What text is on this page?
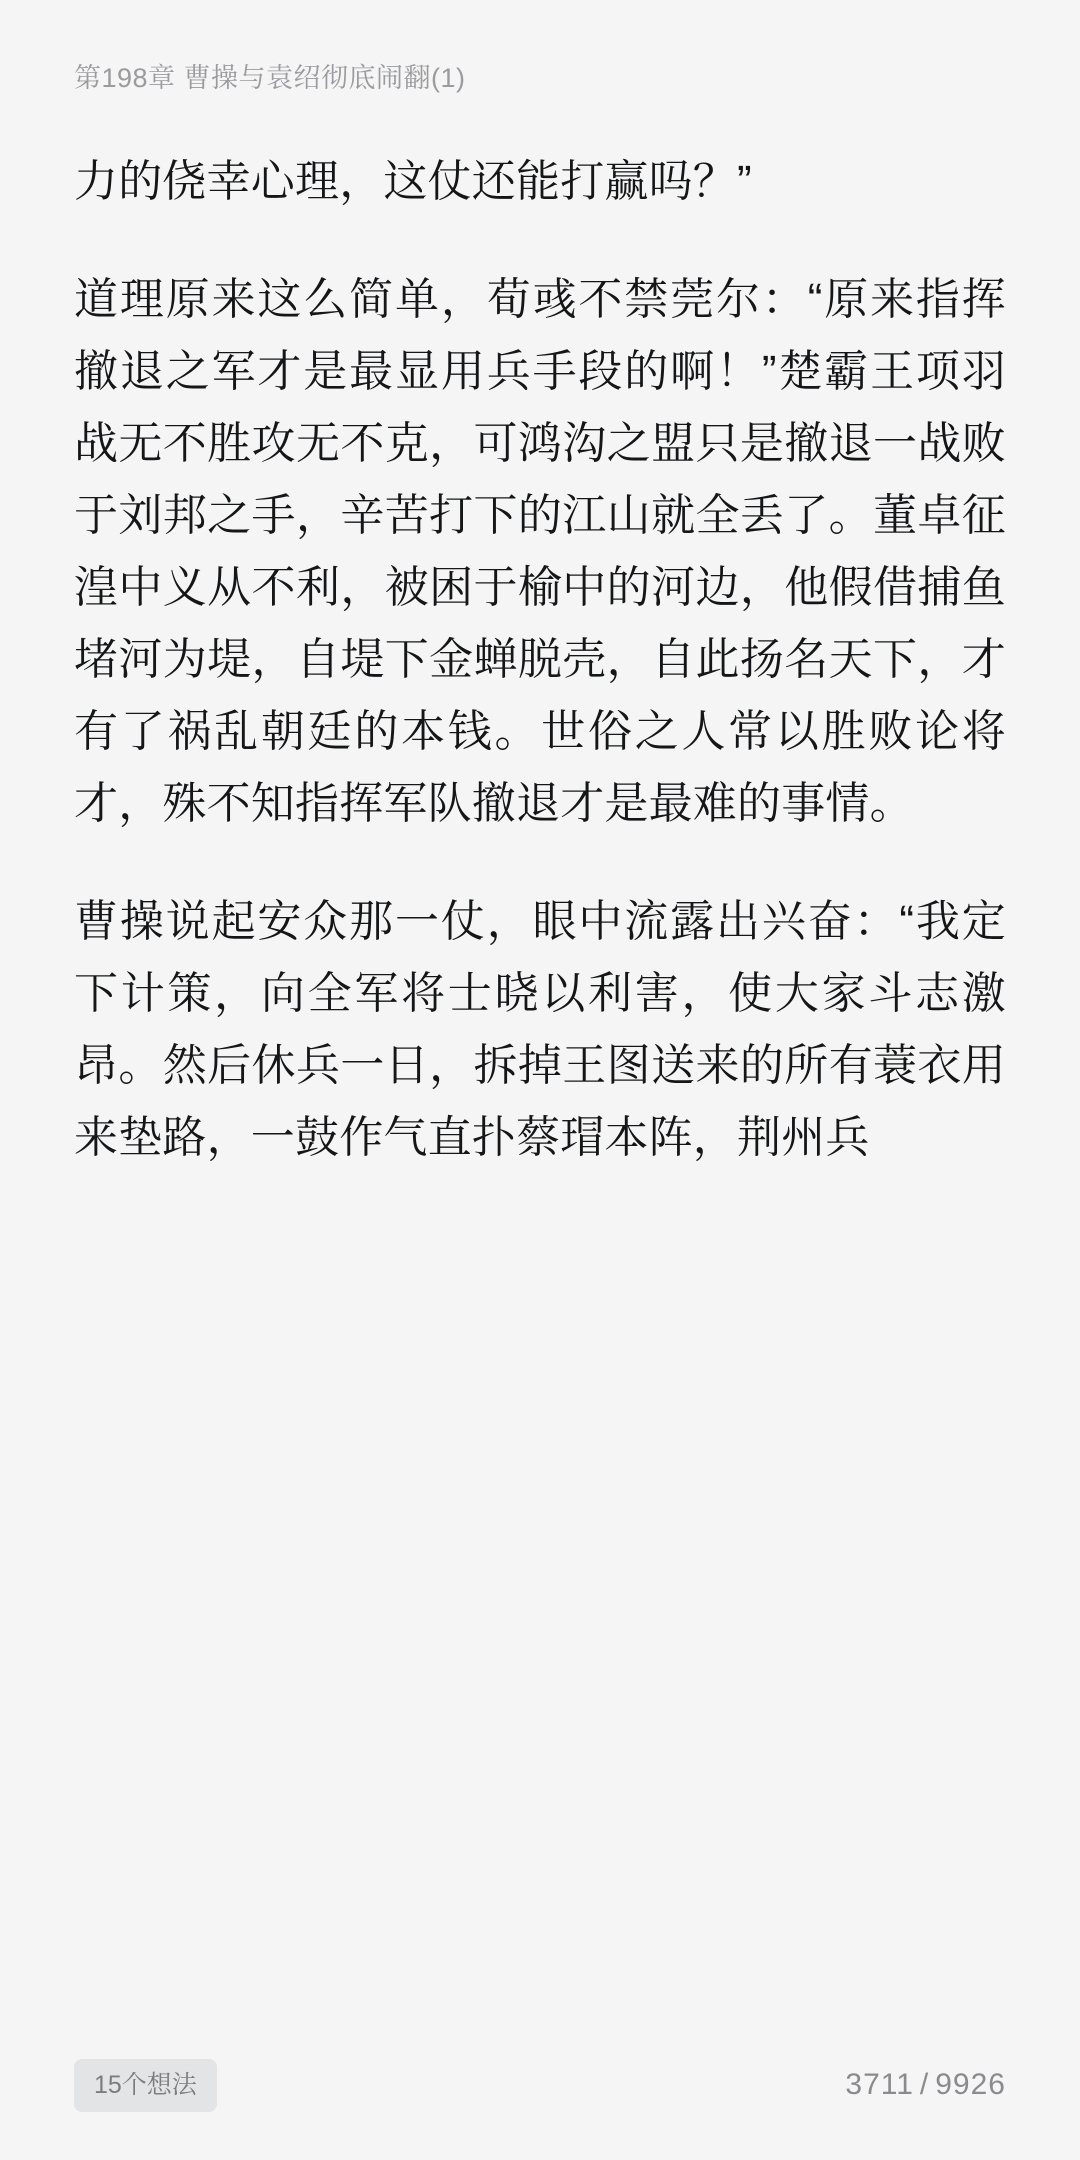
第198章 曹操与袁绍彻底闹翻(1)

力的侥幸心理，这仗还能打赢吗？”

道理原来这么简单，荀彧不禁莞尔：“原来指挥撤退之军才是最显用兵手段的啊！”楚霸王项羽战无不胜攻无不克，可鸿沟之盟只是撤退一战败于刘邦之手，辛苦打下的江山就全丢了。董卓征湟中义从不利，被困于榆中的河边，他假借捕鱼堵河为堤，自堤下金蝉脱壳，自此扬名天下，才有了祸乱朝廷的本钱。世俗之人常以胜败论将才，殊不知指挥军队撤退才是最难的事情。

曹操说起安众那一仗，眼中流露出兴奋：“我定下计策，向全军将士晓以利害，使大家斗志激昂。然后休兵一日，拆掉王图送来的所有蓑衣用来垫路，一鼓作气直扑蔡瑁本阵，荆州兵

15个想法	3711 / 9926
